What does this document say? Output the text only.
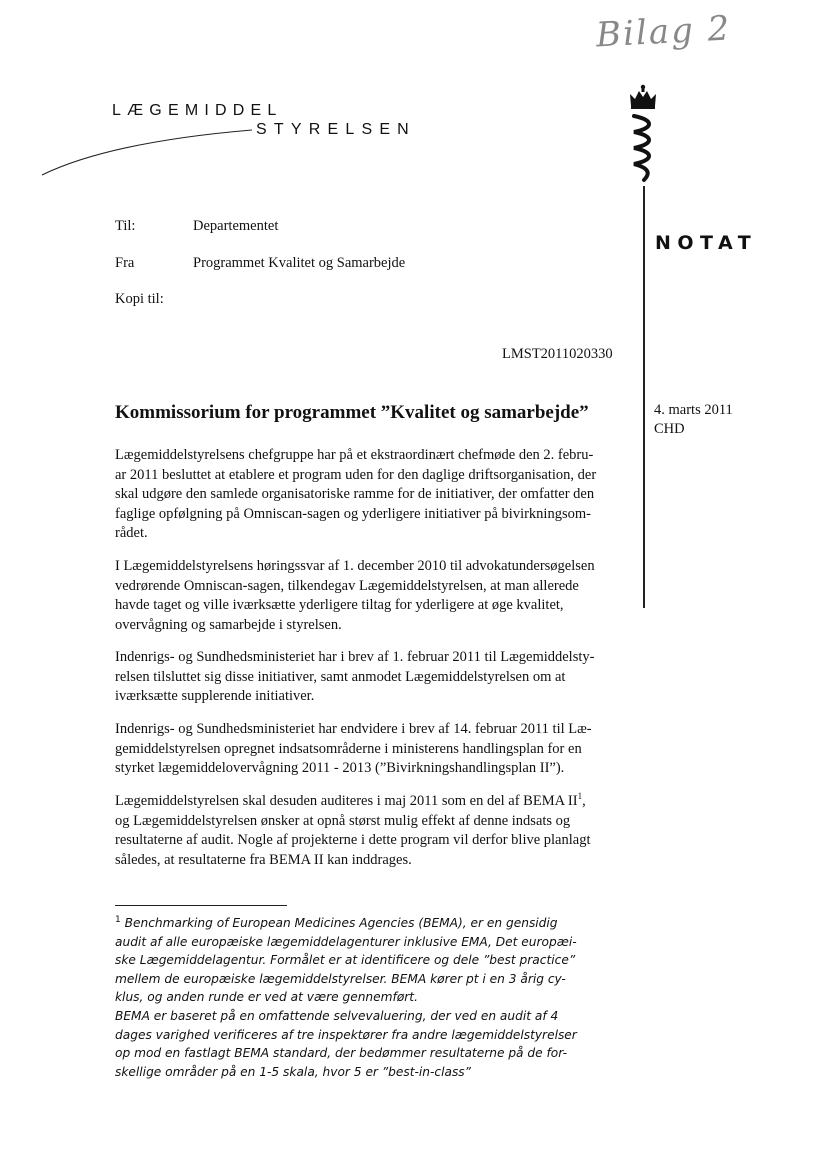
Bilag 2
LÆGEMIDDEL
STYRELSEN
NOTAT
Til:	Departementet
Fra	Programmet Kvalitet og Samarbejde
Kopi til:
LMST2011020330
4. marts 2011
CHD
Kommissorium for programmet ”Kvalitet og samarbejde”

Lægemiddelstyrelsens chefgruppe har på et ekstraordinært chefmøde den 2. febru-

ar 2011 besluttet at etablere et program uden for den daglige driftsorganisation, der

skal udgøre den samlede organisatoriske ramme for de initiativer, der omfatter den

faglige opfølgning på Omniscan-sagen og yderligere initiativer på bivirkningsom-

rådet.

I Lægemiddelstyrelsens høringssvar af 1. december 2010 til advokatundersøgelsen

vedrørende Omniscan-sagen, tilkendegav Lægemiddelstyrelsen, at man allerede

havde taget og ville iværksætte yderligere tiltag for yderligere at øge kvalitet,

overvågning og samarbejde i styrelsen.

Indenrigs- og Sundhedsministeriet har i brev af 1. februar 2011 til Lægemiddelsty-

relsen tilsluttet sig disse initiativer, samt anmodet Lægemiddelstyrelsen om at

iværksætte supplerende initiativer.

Indenrigs- og Sundhedsministeriet har endvidere i brev af 14. februar 2011 til Læ-

gemiddelstyrelsen opregnet indsatsområderne i ministerens handlingsplan for en

styrket lægemiddelovervågning 2011 - 2013 (”Bivirkningshandlingsplan II”).

Lægemiddelstyrelsen skal desuden auditeres i maj 2011 som en del af BEMA $II^1$,

og Lægemiddelstyrelsen ønsker at opnå størst mulig effekt af denne indsats og

resultaterne af audit. Nogle af projekterne i dette program vil derfor blive planlagt

således, at resultaterne fra BEMA II kan inddrages.

$^1$ Benchmarking of European Medicines Agencies (BEMA), er en gensidig

audit af alle europæiske lægemiddelagenturer inklusive EMA, Det europæi-

ske Lægemiddelagentur. Formålet er at identificere og dele ”best practice”

mellem de europæiske lægemiddelstyrelser. BEMA kører pt i en 3 årig cy-

klus, og anden runde er ved at være gennemført.

BEMA er baseret på en omfattende selvevaluering, der ved en audit af 4

dages varighed verificeres af tre inspektører fra andre lægemiddelstyrelser

op mod en fastlagt BEMA standard, der bedømmer resultaterne på de for-

skellige områder på en 1-5 skala, hvor 5 er ”best-in-class”
